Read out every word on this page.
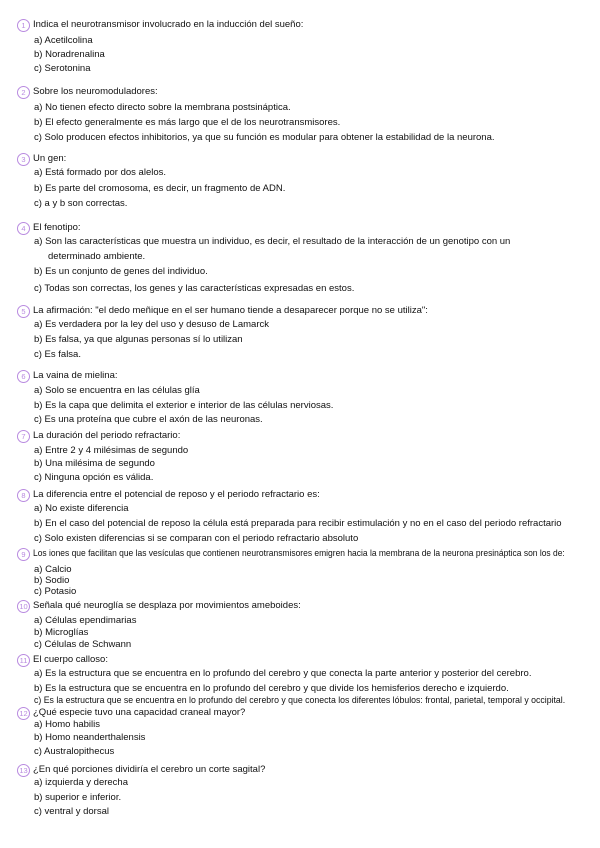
1 Indica el neurotransmisor involucrado en la inducción del sueño:
a) Acetilcolina
b) Noradrenalina
c) Serotonina
2 Sobre los neuromoduladores:
a) No tienen efecto directo sobre la membrana postsináptica.
b) El efecto generalmente es más largo que el de los neurotransmisores.
c) Solo producen efectos inhibitorios, ya que su función es modular para obtener la estabilidad de la neurona.
3 Un gen:
a) Está formado por dos alelos.
b) Es parte del cromosoma, es decir, un fragmento de ADN.
c) a y b son correctas.
4 El fenotipo:
a) Son las características que muestra un individuo, es decir, el resultado de la interacción de un genotipo con un
determinado ambiente.
b) Es un conjunto de genes del individuo.
c) Todas son correctas, los genes y las características expresadas en estos.
5 La afirmación: "el dedo meñique en el ser humano tiende a desaparecer porque no se utiliza":
a) Es verdadera por la ley del uso y desuso de Lamarck
b) Es falsa, ya que algunas personas sí lo utilizan
c) Es falsa.
6 La vaina de mielina:
a) Solo se encuentra en las células glía
b) Es la capa que delimita el exterior e interior de las células nerviosas.
c) Es una proteína que cubre el axón de las neuronas.
7 La duración del periodo refractario:
a) Entre 2 y 4 milésimas de segundo
b) Una milésima de segundo
c) Ninguna opción es válida.
8 La diferencia entre el potencial de reposo y el periodo refractario es:
a) No existe diferencia
b) En el caso del potencial de reposo la célula está preparada para recibir estimulación y no en el caso del periodo refractario
c) Solo existen diferencias si se comparan con el periodo refractario absoluto
9 Los iones que facilitan que las vesículas que contienen neurotransmisores emigren hacia la membrana de la neurona presináptica son los de:
a) Calcio
b) Sodio
c) Potasio
10 Señala qué neuroglía se desplaza por movimientos ameboides:
a) Células ependimarias
b) Microglías
c) Células de Schwann
11 El cuerpo calloso:
a) Es la estructura que se encuentra en lo profundo del cerebro y que conecta la parte anterior y posterior del cerebro.
b) Es la estructura que se encuentra en lo profundo del cerebro y que divide los hemisferios derecho e izquierdo.
c) Es la estructura que se encuentra en lo profundo del cerebro y que conecta los diferentes lóbulos: frontal, parietal, temporal y occipital.
12 ¿Qué especie tuvo una capacidad craneal mayor?
a) Homo habilis
b) Homo neanderthalensis
c) Australopithecus
13 ¿En qué porciones dividiría el cerebro un corte sagital?
a) izquierda y derecha
b) superior e inferior.
c) ventral y dorsal
